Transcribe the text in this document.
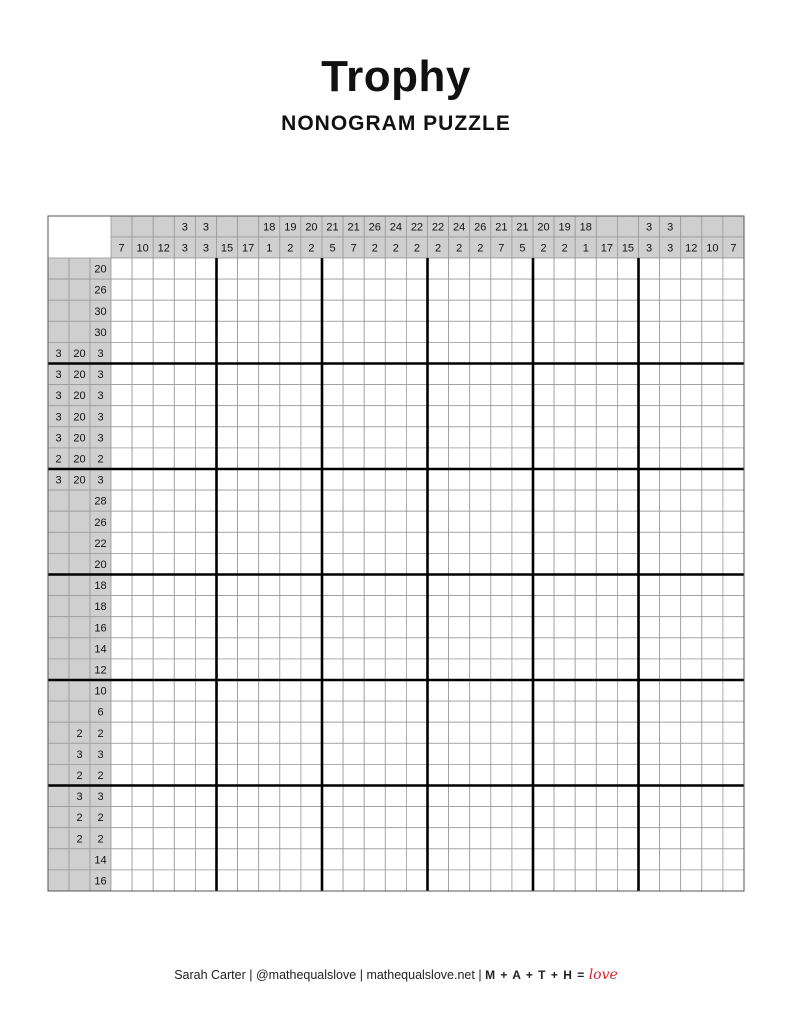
Trophy
NONOGRAM PUZZLE
7 10 12
3
3
3
3 15 17
18
1
19
2
20
2
21
5
21
7
26
2
24
2
22
2
22
2
24
2
26
2
21
7
21
5
20
2
19
2
18
1 17 15
3
3
3
3 12 10 7
20
26
30
30
3 20 3
3 20 3
3 20 3
3 20 3
3 20 3
2 20 2
3 20 3
28
26
22
20
18
18
16
14
12
10
6
2 2
3 3
2 2
3 3
2 2
2 2
14
16
Sarah Carter | @mathequalslove | mathequalslove.net | M + A + T + H = love
